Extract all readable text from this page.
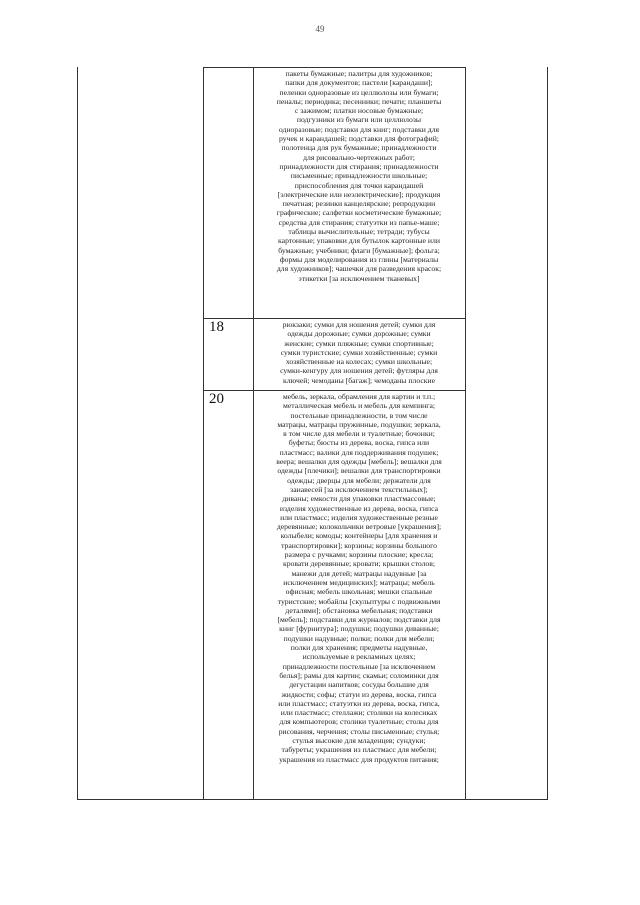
49
пакеты бумажные; палитры для художников;
папки для документов; пастели [карандаши];
пеленки одноразовые из целлюлозы или бумаги;
пеналы; периодика; песенники; печати; планшеты
с зажимом; платки носовые бумажные;
подгузники из бумаги или целлюлозы
одноразовые; подставки для книг; подставки для
ручек и карандашей; подставки для фотографий;
полотенца для рук бумажные; принадлежности
для рисовально-чертежных работ;
принадлежности для стирания; принадлежности
письменные; принадлежности школьные;
приспособления для точки карандашей
[электрические или неэлектрические]; продукция
печатная; резинки канцелярские; репродукции
графические; салфетки косметические бумажные;
средства для стирания; статуэтки из папье-маше;
таблицы вычислительные; тетради; тубусы
картонные; упаковки для бутылок картонные или
бумажные; учебники; флаги [бумажные]; фольга;
формы для моделирования из глины [материалы
для художников]; чашечки для разведения красок;
этикетки [за исключением тканевых]
18	рюкзаки; сумки для ношения детей; сумки для
одежды дорожные; сумки дорожные; сумки
женские; сумки пляжные; сумки спортивные;
сумки туристские; сумки хозяйственные; сумки
хозяйственные на колесах; сумки школьные;
сумки-кенгуру для ношения детей; футляры для
ключей; чемоданы [багаж]; чемоданы плоские
20	мебель, зеркала, обрамления для картин и т.п.;
металлическая мебель и мебель для кемпинга;
постельные принадлежности, в том числе
матрацы, матрацы пружинные, подушки; зеркала,
в том числе для мебели и туалетные; бочонки;
буфеты; бюсты из дерева, воска, гипса или
пластмасс; валики для поддерживания подушек;
веера; вешалки для одежды [мебель]; вешалки для
одежды [плечики]; вешалки для транспортировки
одежды; дверцы для мебели; держатели для
занавесей [за исключением текстильных];
диваны; емкости для упаковки пластмассовые;
изделия художественные из дерева, воска, гипса
или пластмасс; изделия художественные резные
деревянные; колокольчики ветровые [украшения];
колыбели; комоды; контейнеры [для хранения и
транспортировки]; корзины; корзины большого
размера с ручками; корзины плоские; кресла;
кровати деревянные; кровати; крышки столов;
манежи для детей; матрацы надувные [за
исключением медицинских]; матрацы; мебель
офисная; мебель школьная; мешки спальные
туристские; мобайлы [скульптуры с подвижными
деталями]; обстановка мебельная; подставки
[мебель]; подставки для журналов; подставки для
книг [фурнитура]; подушки; подушки диванные;
подушки надувные; полки; полки для мебели;
полки для хранения; предметы надувные,
используемые в рекламных целях;
принадлежности постельные [за исключением
белья]; рамы для картин; скамьи; соломинки для
дегустации напитков; сосуды большие для
жидкости; софы; статуи из дерева, воска, гипса
или пластмасс; статуэтки из дерева, воска, гипса,
или пластмасс; стеллажи; столики на колесиках
для компьютеров; столики туалетные; столы для
рисования, черчения; столы письменные; стулья;
стулья высокие для младенцев; сундуки;
табуреты; украшения из пластмасс для мебели;
украшения из пластмасс для продуктов питания;
